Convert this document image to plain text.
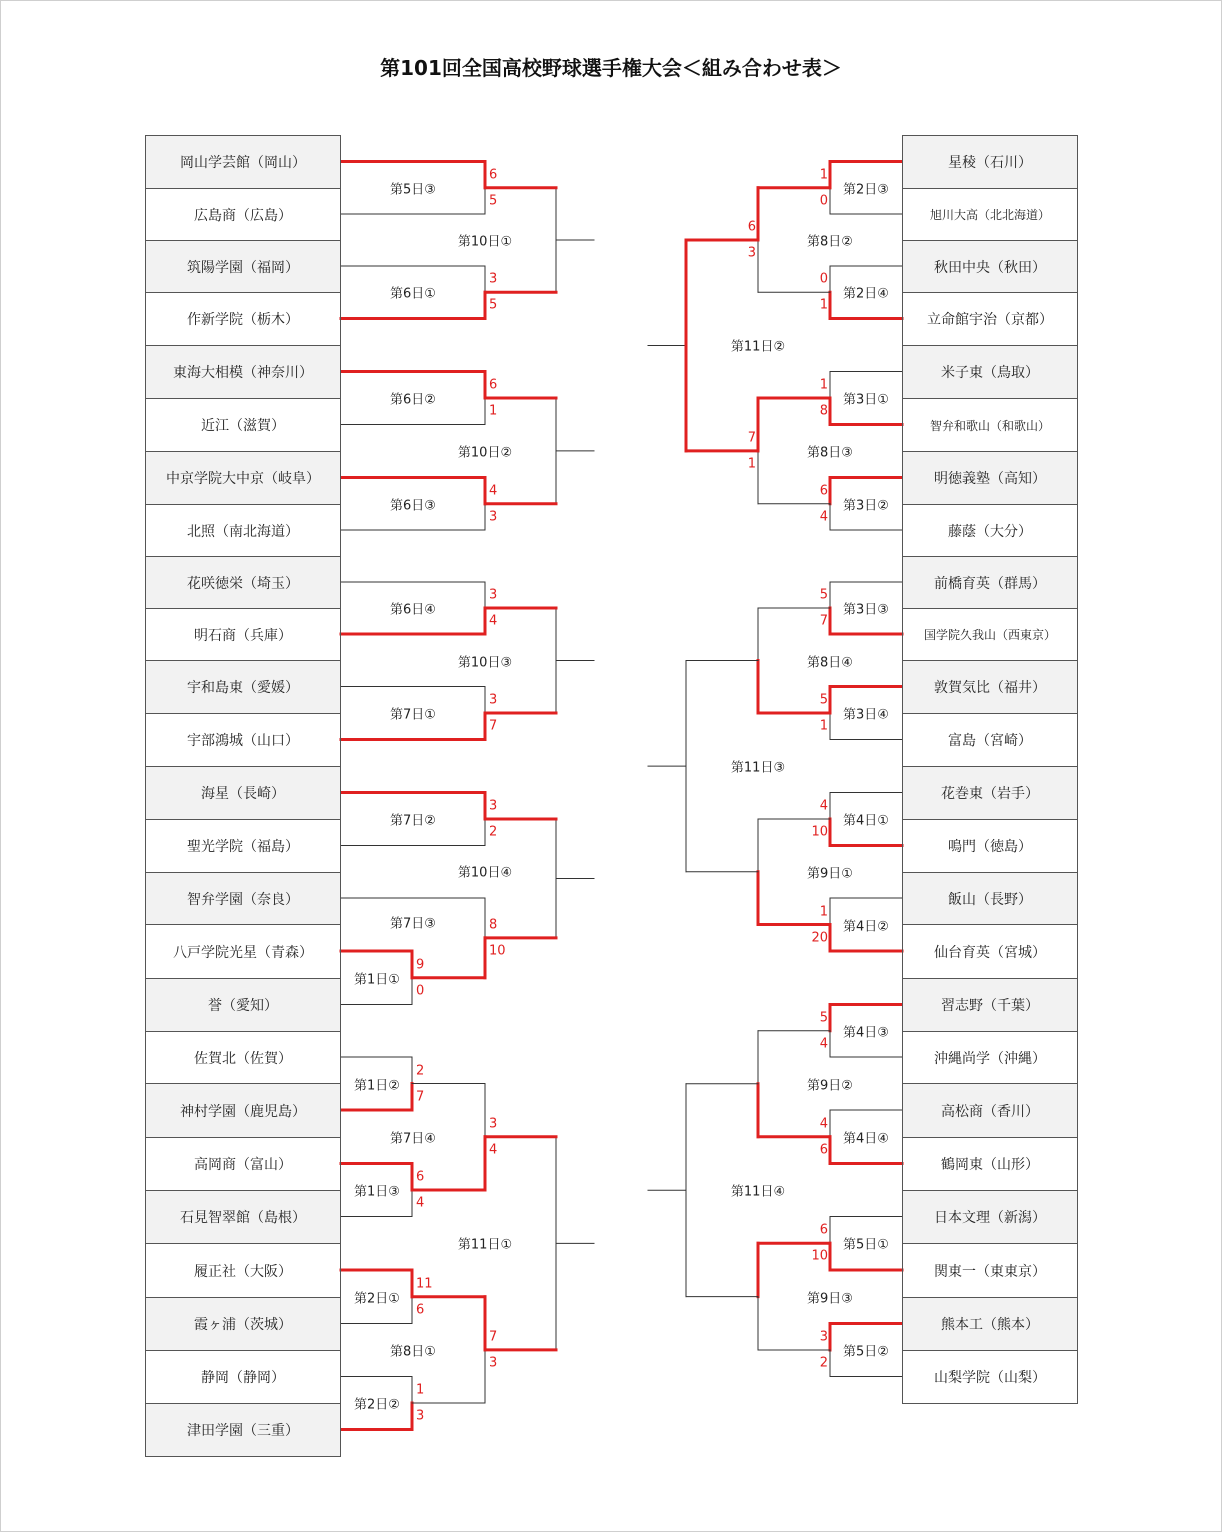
第101回全国高校野球選手権大会＜組み合わせ表＞
岡山学芸館（岡山）
広島商（広島）
筑陽学園（福岡）
作新学院（栃木）
東海大相模（神奈川）
近江（滋賀）
中京学院大中京（岐阜）
北照（南北海道）
花咲徳栄（埼玉）
明石商（兵庫）
宇和島東（愛媛）
宇部鴻城（山口）
海星（長崎）
聖光学院（福島）
智弁学園（奈良）
八戸学院光星（青森）
誉（愛知）
佐賀北（佐賀）
神村学園（鹿児島）
高岡商（富山）
石見智翠館（島根）
履正社（大阪）
霞ヶ浦（茨城）
静岡（静岡）
津田学園（三重）
星稜（石川）
旭川大高（北北海道）
秋田中央（秋田）
立命館宇治（京都）
米子東（鳥取）
智弁和歌山（和歌山）
明徳義塾（高知）
藤蔭（大分）
前橋育英（群馬）
国学院久我山（西東京）
敦賀気比（福井）
富島（宮崎）
花巻東（岩手）
鳴門（徳島）
飯山（長野）
仙台育英（宮城）
習志野（千葉）
沖縄尚学（沖縄）
高松商（香川）
鶴岡東（山形）
日本文理（新潟）
関東一（東東京）
熊本工（熊本）
山梨学院（山梨）
第5日③
6
5
第6日①
3
5
第6日②
6
1
第6日③
4
3
第6日④
3
4
第7日①
3
7
第7日②
3
2
第1日①
9
0
第7日③	8
10
第1日②
2
7
第1日③
6
4
第7日④
3
4
第2日①
11
6
第2日②
1
3
第8日①
7
3
第10日①
第10日②
第10日③
第10日④
第11日①
第2日③
1
0
第2日④
0
1
第3日①
1
8
第3日②
6
4
第3日③
5
7
第3日④
5
1
第4日①
4
10
第4日②
1
20
第4日③
5
4
第4日④
4
6
第5日①
6
10
第5日②
3
2
第8日②
6
3
第8日③
7
1
第8日④
第9日①
第9日②
第9日③
第11日②
第11日③
第11日④
